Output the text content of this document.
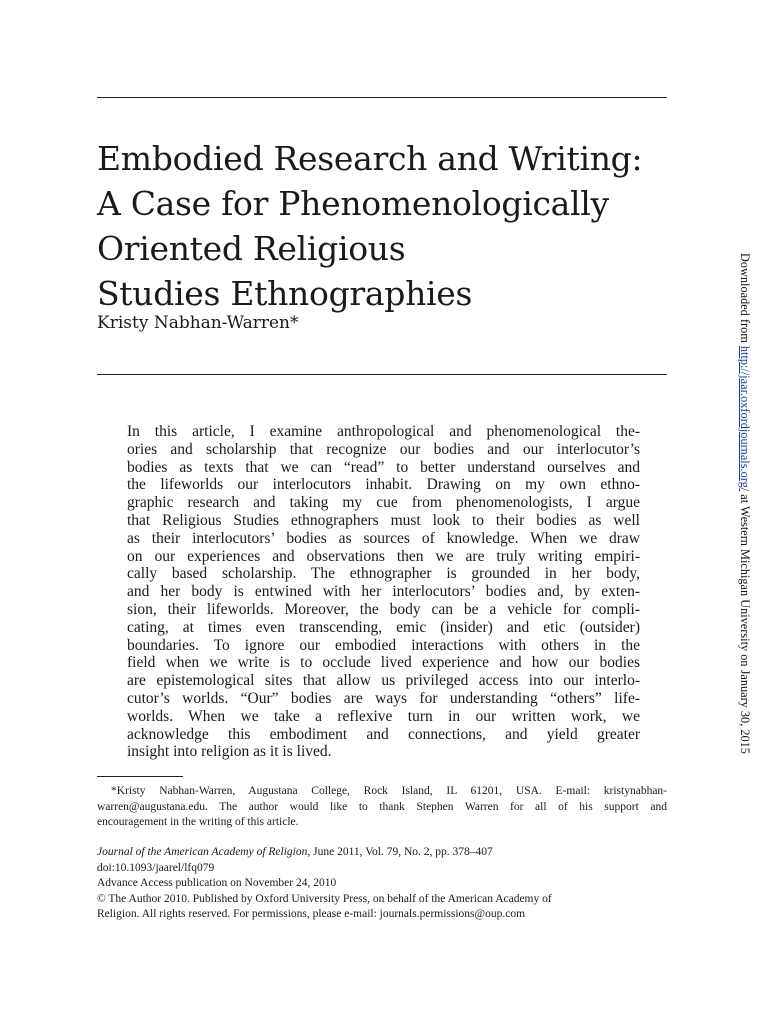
Embodied Research and Writing:
A Case for Phenomenologically
Oriented Religious
Studies Ethnographies
Kristy Nabhan-Warren*
In this article, I examine anthropological and phenomenological the-
ories and scholarship that recognize our bodies and our interlocutor’s
bodies as texts that we can “read” to better understand ourselves and
the lifeworlds our interlocutors inhabit. Drawing on my own ethno-
graphic research and taking my cue from phenomenologists, I argue
that Religious Studies ethnographers must look to their bodies as well
as their interlocutors’ bodies as sources of knowledge. When we draw
on our experiences and observations then we are truly writing empiri-
cally based scholarship. The ethnographer is grounded in her body,
and her body is entwined with her interlocutors’ bodies and, by exten-
sion, their lifeworlds. Moreover, the body can be a vehicle for compli-
cating, at times even transcending, emic (insider) and etic (outsider)
boundaries. To ignore our embodied interactions with others in the
field when we write is to occlude lived experience and how our bodies
are epistemological sites that allow us privileged access into our interlo-
cutor’s worlds. “Our” bodies are ways for understanding “others” life-
worlds. When we take a reflexive turn in our written work, we
acknowledge this embodiment and connections, and yield greater
insight into religion as it is lived.
*Kristy Nabhan-Warren, Augustana College, Rock Island, IL 61201, USA. E-mail: kristynabhan-
warren@augustana.edu. The author would like to thank Stephen Warren for all of his support and
encouragement in the writing of this article.
Journal of the American Academy of Religion, June 2011, Vol. 79, No. 2, pp. 378–407
doi:10.1093/jaarel/lfq079
Advance Access publication on November 24, 2010
© The Author 2010. Published by Oxford University Press, on behalf of the American Academy of
Religion. All rights reserved. For permissions, please e-mail: journals.permissions@oup.com
Downloaded from http://jaar.oxfordjournals.org/ at Western Michigan University on January 30, 2015
